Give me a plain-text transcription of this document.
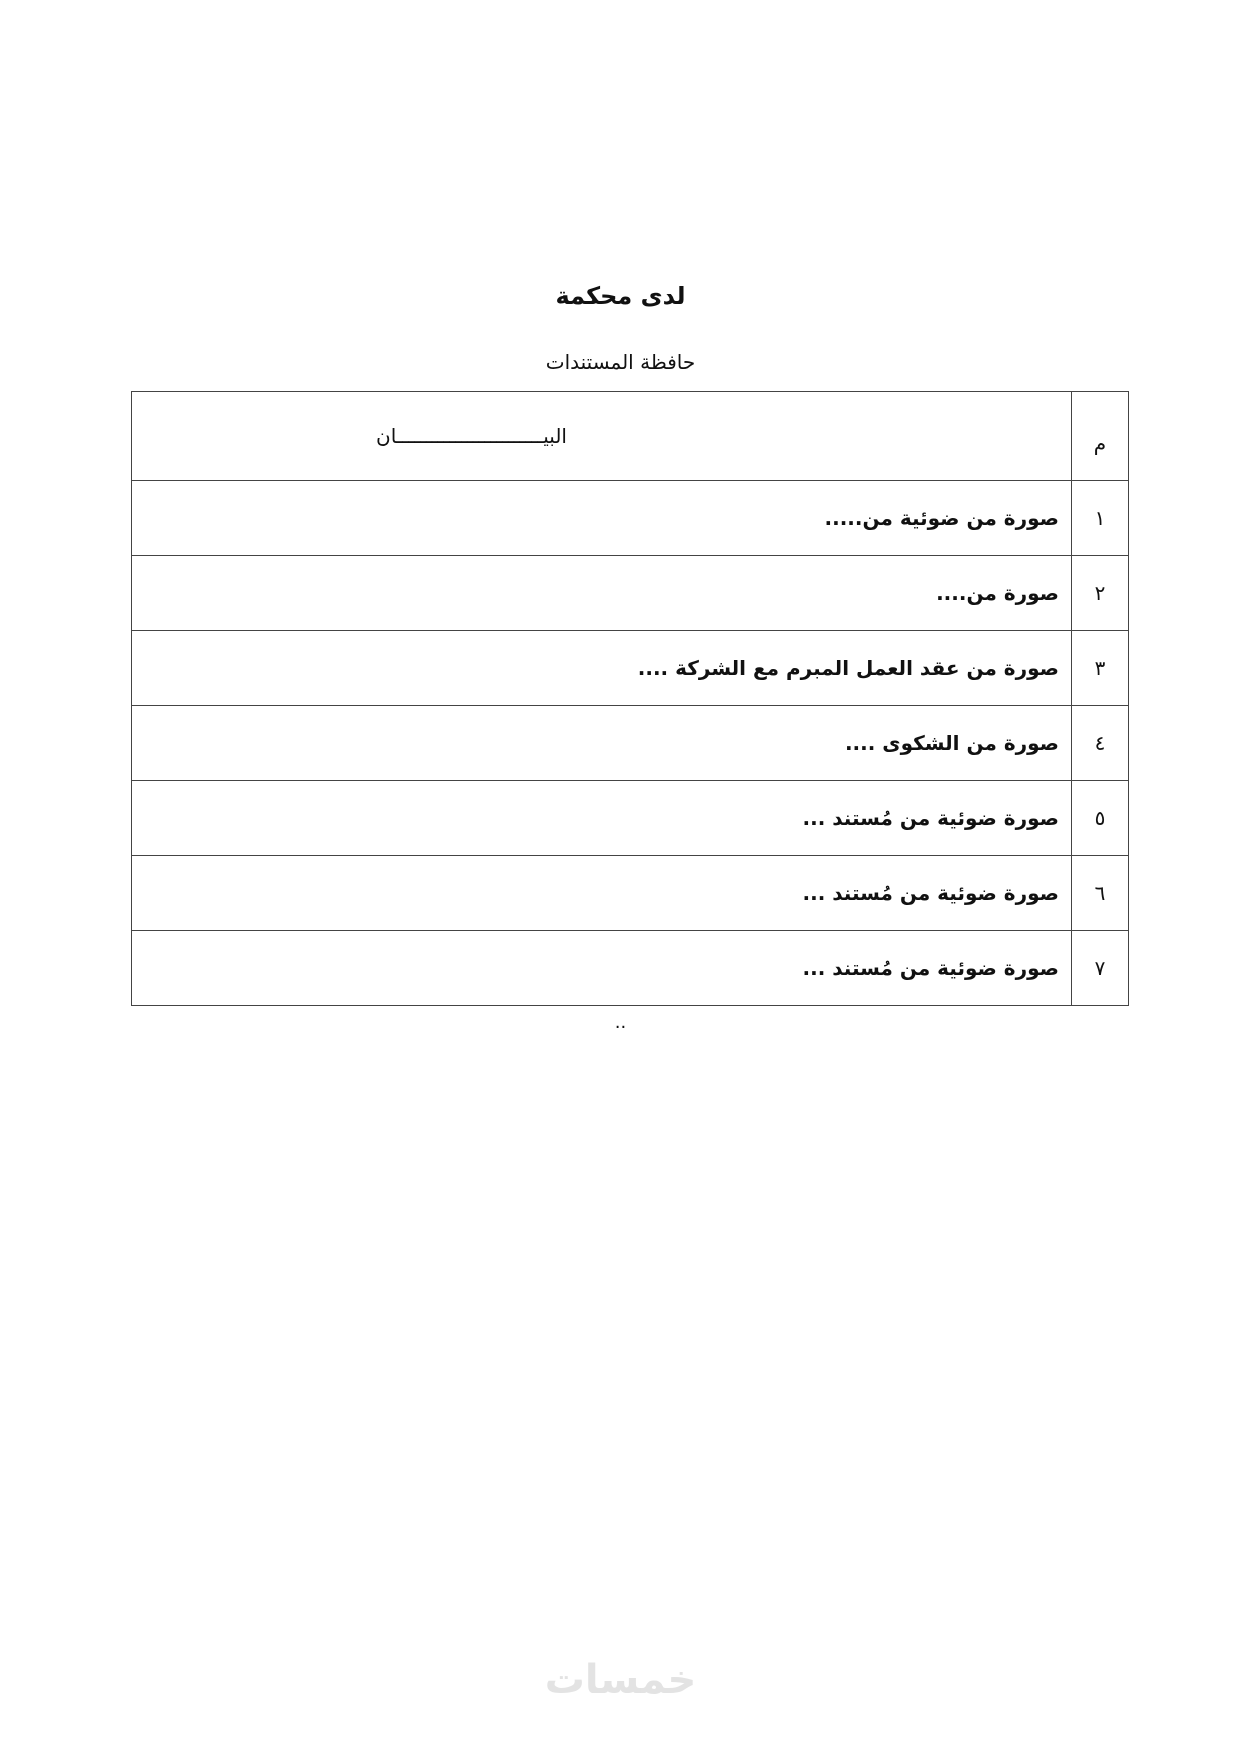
لدى محكمة
حافظة المستندات
م	البيـــــــــــــــــــــــــان
١	صورة من ضوئية من.....
٢	صورة من....
٣	صورة من عقد العمل المبرم مع الشركة ....
٤	صورة من الشكوى ....
٥	صورة ضوئية من مُستند ...
٦	صورة ضوئية من مُستند ...
٧	صورة ضوئية من مُستند ...
..
خمسات
